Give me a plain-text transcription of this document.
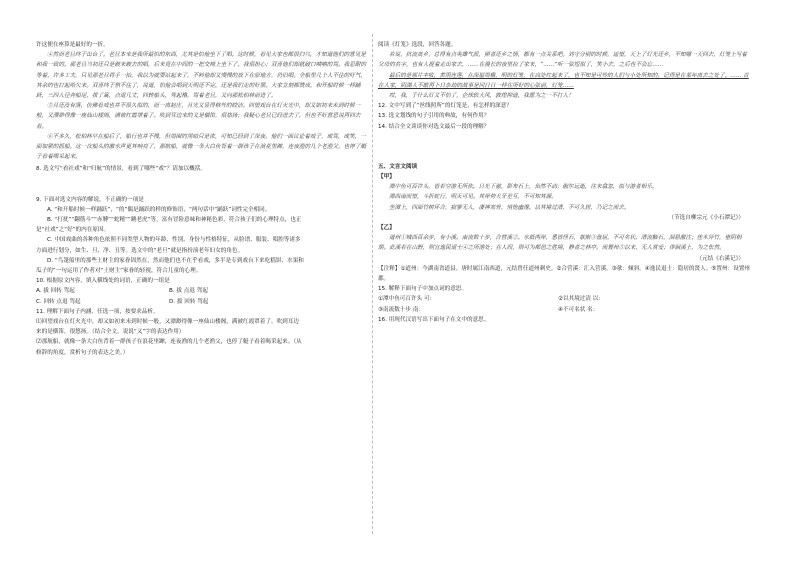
许这便在座算是最好的一折。

④然而老旦终于出台了。老旦本来是我所最怕的东西，尤其是怕他坐下了唱。这时候，看见大家也都很扫兴，才知道他们的意见是和我一致的。那老旦当初还只是踱来踱去的唱，后来竟在中间的一把交椅上坐下了。我很担心；双喜他们却就破口喃喃的骂。我忍耐的等着，许多工夫，只见那老旦将手一抬，我以为就要站起来了，不料他却又慢慢的放下在原地方，仍旧唱。全船里几个人不住的吁气，其余的也打起哈欠来。双喜终于熬不住了，说道，怕他会唱到天明还不完，还是我们走的好罢。大家立刻都赞成，和开船时候一样踊跃，三四人径奔船尾，拔了篙，点退几丈，回转船头，驾起橹，骂着老旦，又向那松柏林前进了。

⑤月还没有落，仿佛看戏也并不很久似的，而一离赵庄，月光又显得格外的皎洁。回望戏台在灯火光中，却又如初来未到时候一般，又漂渺得像一座仙山楼阁，满被红霞罩着了。吹到耳边来的又是横笛，很悠扬；我疑心老旦已经进去了，但也不好意思说再回去看。

⑥不多久，松柏林早在船后了，船行也并不慢，但周围的黑暗只是浓，可知已经到了深夜。他们一面议论着戏子，或骂，或笑，一面加紧的摇船。这一次船头的激水声更其响亮了，那航船，就像一条大白鱼背着一群孩子在浪花里蹿，连夜渔的几个老渔父，也停了艇子看着喝采起来。

8. 选文写“看社戏”和“归航”的情景，看到了哪些“戏”？请加以概括。

9. 下面对选文内容的解说，不正确的一项是

A. “和开船时候一样踊跃”，“的”偶是踊跃的样的修饰语，“两句话中“踊跃”词性完全相同。

B. “打扰”“翻筋斗”“赤膊”“蛇精”“跳老虎”等，富有冒险意味和神秘色彩，符合孩子们的心理特点，也正

是“社戏”之“好”的内在原因。

C. 中国戏曲的各种角色依照不同类型人物的年龄、性别、身份与性格特征，从脸谱、服装、唱腔等诸多

方面进行划分，如生、旦、净、丑等。选文中的“老旦”就是指扮演老年妇女的角色。

D. “鸟篷船里的那些土财主的家眷固然在，然而他们也不在乎看戏，多半是专到戏台下来吃糕饼、水果和

瓜子的”一句运用了作者对“土财主”家眷的轻视，符合儿童的心理。

10. 根据原文内容，填入横线处的词语，正确的一组是

A. 拔 回转 驾起	B. 拔 点退 驾起
C. 回转 点退 驾起	D. 拔 回转 驾起

11. 理解下面句子内涵，任选一项，按要求品析。

⑴回望戏台在灯火光中，却又如初来未到时候一般，又漂渺得像一座仙山楼阁，满被红霞罩着了。吹到耳边

来的是横笛，很悠扬。（结合全文，说说“又”字的表达作用）

⑵那航船，就像一条大白鱼背着一群孩子在浪花里蹿，连夜渔的几个老渔父，也停了艇子看着喝采起来。（从

修辞的角度，赏析句子的表达之美。）

阅读《灯笼》选段，回答各题。

若说，抗流离乡，总得有点英雄气派，照者还乡之情，都有一点关系吧。刘守分别的时候，遥望，天上了灯光还乡，不知哪一天回去，灯笼上写着父母的名字，也有人提着走出家去，……在漫长的夜里拉了家来，“……”听一弦短似了，笑小去，之后也不会忘……

最后的是那片丰收，黄雨连莲，在深屋周檐，明的灯笼，在高处红起来了，也不知是可怜的人们与小处所知的，记得是在某年离去之处了。…… 首在人家，阴湖人不敢再卜日杂劫的战事是同日日一样在所好的心弦前，灯笼……

哎，我，于什么灯又不怕了，企球软大风，敦煌抑逊，我愿为之一不打人！

12. 文中写到了“丝线照所”的灯笼是，有怎样的深意？

13. 选文划线的句子引用的典故，有何作用？

14. 结合全文谈谈你对选文最后一段的理解？

五、文言文阅读

【甲】

潭中鱼可百许头，皆若空游无所依。日光下澈，影布石上，佁然不动；俶尔远逝，往来翕忽，似与游者相乐。

潭西南而望，斗折蛇行，明灭可见。其岸势犬牙差互，不可知其源。

坐潭上，四面竹树环合，寂寥无人，凄神寒骨，悄怆幽邃。以其境过清，不可久居，乃记之而去。

（节选自柳宗元《小石潭记》）

【乙】

道州①城西百余步，有小溪。南流数十步，合营溪②。水抵两岸，悉皆怪石，欹嵌③盘屈，不可名状。清流触石，洄悬激注；佳木异竹，垂阴相荫。此溪若在山野，则宜逸民退士④之所游处；在人间，则可为都邑之胜境，静者之林亭。而置州⑤以来，无人赏爱；徘徊溪上，为之怅然。

（元结《右溪记》）

【注释】①道州：今湖南省道县。唐时属江南西道，元结曾任道州刺史。②合营溪：汇入营溪。③欹：倾斜。④逸民退士：隐居的贤人。⑤置州：设置州郡。

15. 解释下面句子中加点词的意思。

①潭中鱼可百许头 可：	②以其境过清 以：
③南流数十步 南：	④不可名状 名：

16. 用现代汉语写出下面句子在文中的意思。
